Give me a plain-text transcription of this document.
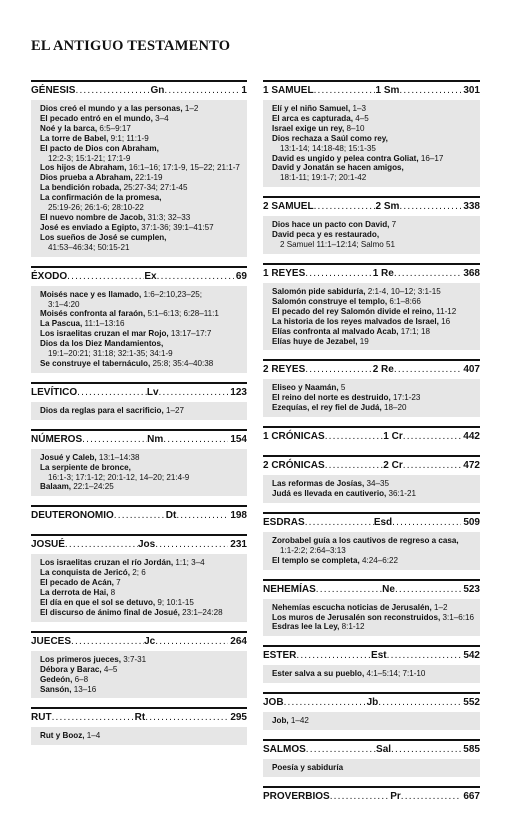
EL ANTIGUO TESTAMENTO
GÉNESIS .....	Gn .....	1
Dios creó el mundo y a las personas, 1–2
El pecado entró en el mundo, 3–4
Noé y la barca, 6:5–9:17
La torre de Babel, 9:1; 11:1-9
El pacto de Dios con Abraham,
12:2-3; 15:1-21; 17:1-9
Los hijos de Abraham, 16:1–16; 17:1-9, 15–22; 21:1-7
Dios prueba a Abraham, 22:1-19
La bendición robada, 25:27-34; 27:1-45
La confirmación de la promesa,
25:19-26; 26:1-6; 28:10-22
El nuevo nombre de Jacob, 31:3; 32–33
José es enviado a Egipto, 37:1-36; 39:1–41:57
Los sueños de José se cumplen,
41:53–46:34; 50:15-21
ÉXODO .....	Ex .....	69
Moisés nace y es llamado, 1:6–2:10,23–25;
3:1–4:20
Moisés confronta al faraón, 5:1–6:13; 6:28–11:1
La Pascua, 11:1–13:16
Los israelitas cruzan el mar Rojo, 13:17–17:7
Dios da los Diez Mandamientos,
19:1–20:21; 31:18; 32:1-35; 34:1-9
Se construye el tabernáculo, 25:8; 35:4–40:38
LEVÍTICO .....	Lv .....	123
Dios da reglas para el sacrificio, 1–27
NÚMEROS .....	Nm .....	154
Josué y Caleb, 13:1–14:38
La serpiente de bronce,
16:1-3; 17:1-12; 20:1-12, 14–20; 21:4-9
Balaam, 22:1–24:25
DEUTERONOMIO .....	Dt .....	198
JOSUÉ .....	Jos .....	231
Los israelitas cruzan el río Jordán, 1:1; 3–4
La conquista de Jericó, 2; 6
El pecado de Acán, 7
La derrota de Hai, 8
El día en que el sol se detuvo, 9; 10:1-15
El discurso de ánimo final de Josué, 23:1–24:28
JUECES .....	Jc .....	264
Los primeros jueces, 3:7-31
Débora y Barac, 4–5
Gedeón, 6–8
Sansón, 13–16
RUT .....	Rt .....	295
Rut y Booz, 1–4
1 SAMUEL .....	1 Sm .....	301
Elí y el niño Samuel, 1–3
El arca es capturada, 4–5
Israel exige un rey, 8–10
Dios rechaza a Saúl como rey,
13:1-14; 14:18-48; 15:1-35
David es ungido y pelea contra Goliat, 16–17
David y Jonatán se hacen amigos,
18:1-11; 19:1-7; 20:1-42
2 SAMUEL .....	2 Sm .....	338
Dios hace un pacto con David, 7
David peca y es restaurado,
2 Samuel 11:1–12:14; Salmo 51
1 REYES .....	1 Re .....	368
Salomón pide sabiduría, 2:1-4, 10–12; 3:1-15
Salomón construye el templo, 6:1–8:66
El pecado del rey Salomón divide el reino, 11-12
La historia de los reyes malvados de Israel, 16
Elías confronta al malvado Acab, 17:1; 18
Elías huye de Jezabel, 19
2 REYES .....	2 Re .....	407
Eliseo y Naamán, 5
El reino del norte es destruido, 17:1-23
Ezequías, el rey fiel de Judá, 18–20
1 CRÓNICAS .....	1 Cr .....	442
2 CRÓNICAS .....	2 Cr .....	472
Las reformas de Josías, 34–35
Judá es llevada en cautiverio, 36:1-21
ESDRAS .....	Esd .....	509
Zorobabel guía a los cautivos de regreso a casa,
1:1-2:2; 2:64–3:13
El templo se completa, 4:24–6:22
NEHEMÍAS .....	Ne .....	523
Nehemías escucha noticias de Jerusalén, 1–2
Los muros de Jerusalén son reconstruidos, 3:1–6:16
Esdras lee la Ley, 8:1-12
ESTER .....	Est .....	542
Ester salva a su pueblo, 4:1–5:14; 7:1-10
JOB .....	Jb .....	552
Job, 1–42
SALMOS .....	Sal .....	585
Poesía y sabiduría
PROVERBIOS .....	Pr .....	667
